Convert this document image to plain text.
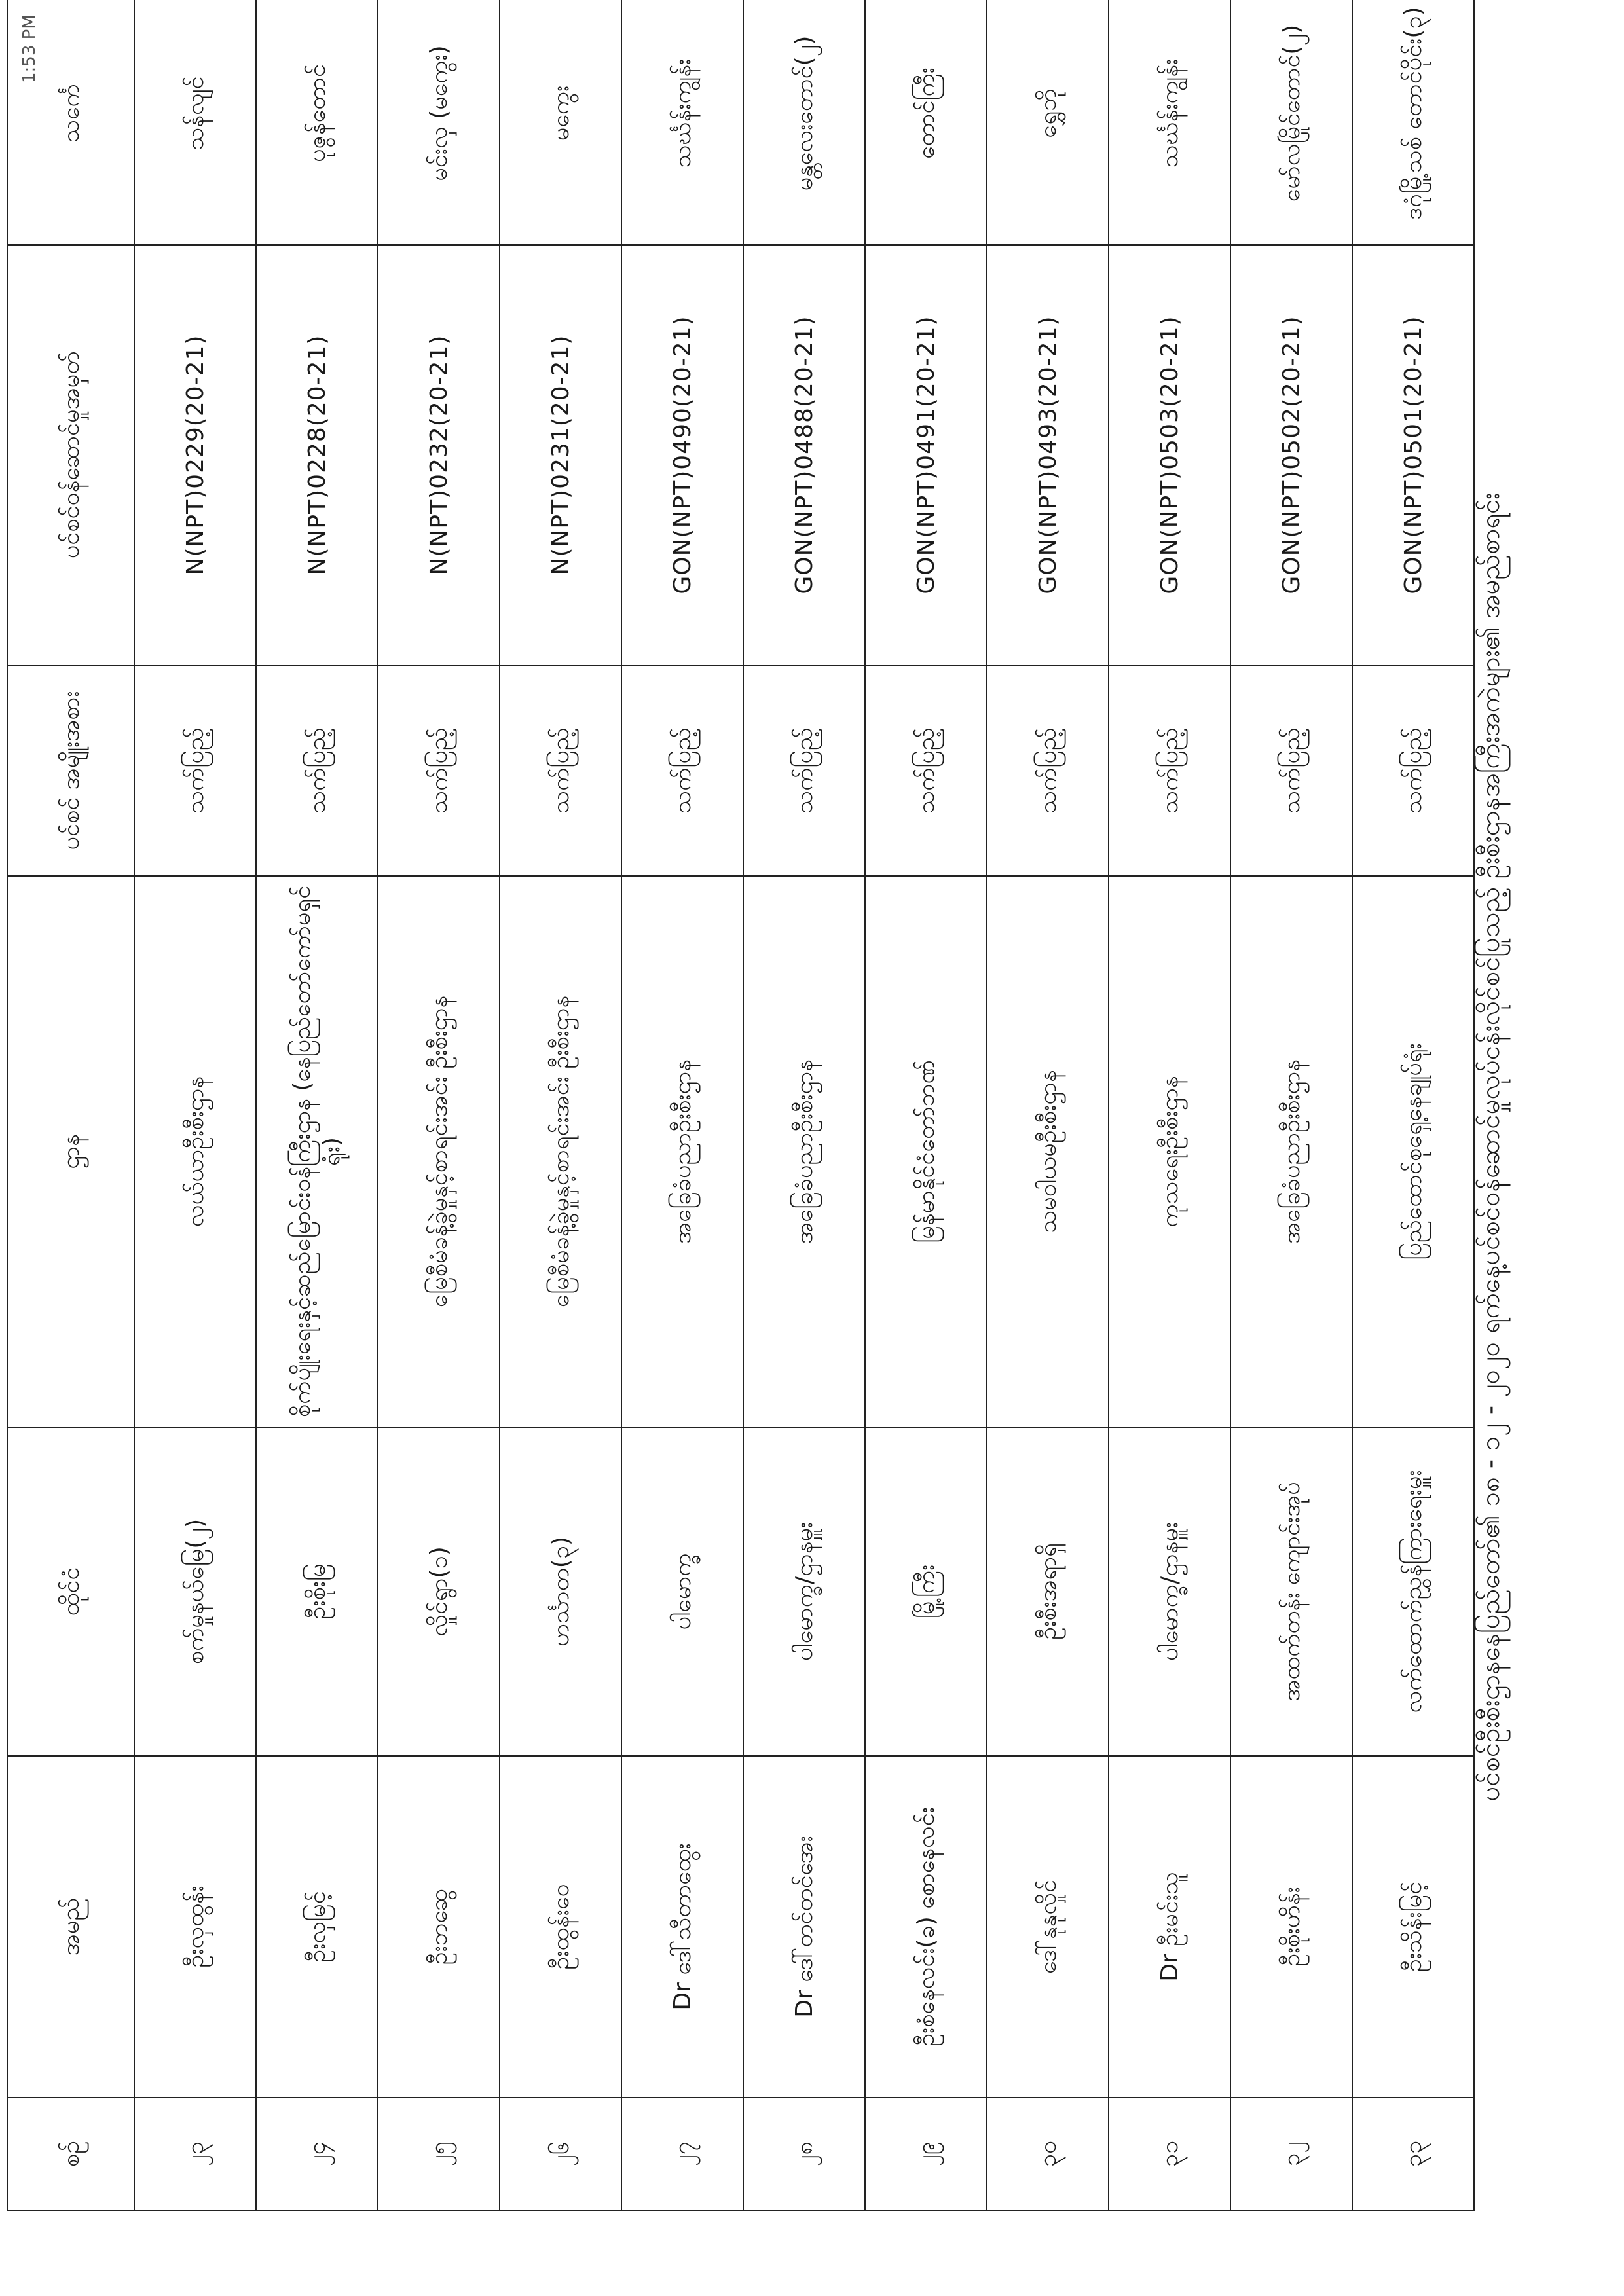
1:53 PM
စဉ်	အမည်	ထိုင်ငံ	ဌာန	ပင်စင် အမျိုးအစား	ပင်စင်ဝန်ဆောင်မှုအမှတ်	သင်္ကေ
၂၃	ဦးလှထွန်း	စက်မှုနယ်မြေ(၂)	လယ်ယာဦးစီးဌာန	သက်ပြည့်	N(NPT)0229(20-21)	သန်လျင်
၂၄	ဦးလှမြင့်	ဦးစိုးမြ	စိုက်ပျိုးရေးနှင့်ဆည်မြောင်းဝန်ကြီးဌာန (နေပြည်တော်ကော်မရှင်ရုံး)	သက်ပြည့်	N(NPT)0228(20-21)	ပုဇွန်တောင်
၂၅	ဦးဘဆွေ	လှိုင်ရွာ(၁)	မြေစီမံခန့်ခွဲမှုနှင့်စာရင်းအင်း ဦးစီးဌာန	သက်ပြည့်	N(NPT)0232(20-21)	မင်းလှ (မကွေး)
၂၆	ဦးထွန်းဝေ	ဟင်္သာတ(၃)	မြေစီမံခန့်ခွဲမှုနှင့်စာရင်းအင်း ဦးစီးဌာန	သက်ပြည့်	N(NPT)0231(20-21)	မကွေး
၂၇	Dr ဒေါ်သီတာထွေး	ပါမောက္ခ	အခြေခံပညာဦးစီးဌာန	သက်ပြည့်	GON(NPT)0490(20-21)	သင်္ဃန်းကျွန်း
၂၈	Dr ဒေါ်တင်တင်အေး	ပါမောက္ခ/ဌာနမှူး	အခြေခံပညာဦးစီးဌာန	သက်ပြည့်	GON(NPT)0488(20-21)	မန္တလေးတောင်(၂)
၂၉	ဦးစံနေလင်း(ခ) စောနေလင်း	မြို့ကြီး	မြန်မာနိုင်ငံတော်ဘဏ်	သက်ပြည့်	GON(NPT)0491(20-21)	တောင်ကြီး
၃၀	ဒေါ်နုနုလှိုင်	ဦးစီးအရာရှိ	သမဝါယမဦးစီးဌာန	သက်ပြည့်	GON(NPT)0493(20-21)	ရွှေဘို
၃၁	Dr ဦးမင်းသူ	ပါမောက္ခ/ဌာနမှူး	ကုသရေးဦးစီးဌာန	သက်ပြည့်	GON(NPT)0503(20-21)	သင်္ဃန်းကျွန်း
၃၂	ဦးစိုးဟိန်း	အထက်တန်း ကျောင်းအုပ်	အခြေခံပညာဦးစီးဌာန	သက်ပြည့်	GON(NPT)0502(20-21)	မော်လမြိုင်တောင်(၂)
၃၃	ဦးသိန်းမြင့်	လက်ထောက်ညွှန်ကြားရေးမှူး	ပြည်ထောင်စုရှေ့နေချုပ်ရုံး	သက်ပြည့်	GON(NPT)0501(20-21)	ဒဂုံမြို့သစ် တောင်ပိုင်း(၃)
ပင်စင်ဦးစီးဌာနနေပြည်တော်၏ ၁၈ - ၁၂ - ၂၀၂၀ ရက်နေ့ပင်စင်ဝန်ဆောင်မှုလုပ်ငန်းလိုင်စင်ပြုသည့် ဦးစီးဌာနအကြီးအကဲများ၏ အမည်စာရင်း
